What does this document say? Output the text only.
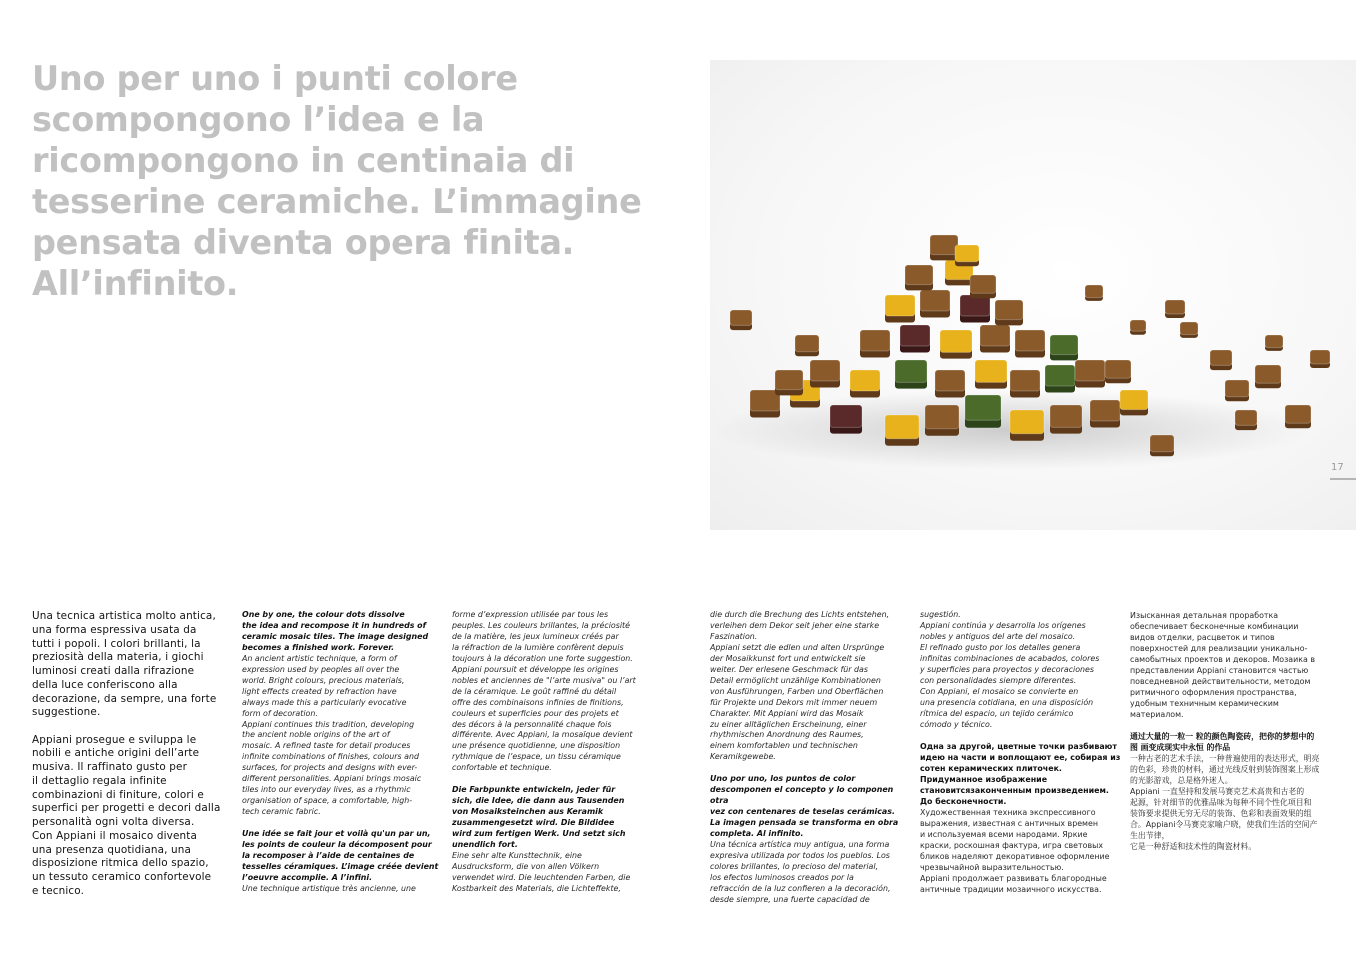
Uno per uno i punti colore
scompongono l’idea e la
ricompongono in centinaia di
tesserine ceramiche. L’immagine
pensata diventa opera finita.
All’infinito.
17

Una tecnica artistica molto antica,
una forma espressiva usata da
tutti i popoli. I colori brillanti, la
preziosità della materia, i giochi
luminosi creati dalla rifrazione
della luce conferiscono alla
decorazione, da sempre, una forte
suggestione.

Appiani prosegue e sviluppa le
nobili e antiche origini dell’arte
musiva. Il raffinato gusto per
il dettaglio regala infinite
combinazioni di finiture, colori e
superfici per progetti e decori dalla
personalità ogni volta diversa.
Con Appiani il mosaico diventa
una presenza quotidiana, una
disposizione ritmica dello spazio,
un tessuto ceramico confortevole
e tecnico.

One by one, the colour dots dissolve
the idea and recompose it in hundreds of
ceramic mosaic tiles. The image designed
becomes a finished work. Forever.

An ancient artistic technique, a form of
expression used by peoples all over the
world. Bright colours, precious materials,
light effects created by refraction have
always made this a particularly evocative
form of decoration.
Appiani continues this tradition, developing
the ancient noble origins of the art of
mosaic. A refined taste for detail produces
infinite combinations of finishes, colours and
surfaces, for projects and designs with ever-
different personalities. Appiani brings mosaic
tiles into our everyday lives, as a rhythmic
organisation of space, a comfortable, high-
tech ceramic fabric.

Une idée se fait jour et voilà qu'un par un,
les points de couleur la décomposent pour
la recomposer à l’aide de centaines de
tesselles céramiques. L’image créée devient
l’oeuvre accomplie. A l’infini.

Une technique artistique très ancienne, une

forme d’expression utilisée par tous les
peuples. Les couleurs brillantes, la préciosité
de la matière, les jeux lumineux créés par
la réfraction de la lumière confèrent depuis
toujours à la décoration une forte suggestion.
Appiani poursuit et développe les origines
nobles et anciennes de "l’arte musiva" ou l’art
de la céramique. Le goût raffiné du détail
offre des combinaisons infinies de finitions,
couleurs et superficies pour des projets et
des décors à la personnalité chaque fois
différente. Avec Appiani, la mosaïque devient
une présence quotidienne, une disposition
rythmique de l’espace, un tissu céramique
confortable et technique.

Die Farbpunkte entwickeln, jeder für
sich, die Idee, die dann aus Tausenden
von Mosaiksteinchen aus Keramik
zusammengesetzt wird. Die Bildidee
wird zum fertigen Werk. Und setzt sich
unendlich fort.

Eine sehr alte Kunsttechnik, eine
Ausdrucksform, die von allen Völkern
verwendet wird. Die leuchtenden Farben, die
Kostbarkeit des Materials, die Lichteffekte,

die durch die Brechung des Lichts entstehen,
verleihen dem Dekor seit jeher eine starke
Faszination.
Appiani setzt die edlen und alten Ursprünge
der Mosaikkunst fort und entwickelt sie
weiter. Der erlesene Geschmack für das
Detail ermöglicht unzählige Kombinationen
von Ausführungen, Farben und Oberflächen
für Projekte und Dekors mit immer neuem
Charakter. Mit Appiani wird das Mosaik
zu einer alltäglichen Erscheinung, einer
rhythmischen Anordnung des Raumes,
einem komfortablen und technischen
Keramikgewebe.

Uno por uno, los puntos de color
descomponen el concepto y lo componen otra
vez con centenares de teselas cerámicas.
La imagen pensada se transforma en obra
completa. Al infinito.

Una técnica artística muy antigua, una forma
expresiva utilizada por todos los pueblos. Los
colores brillantes, lo precioso del material,
los efectos luminosos creados por la
refracción de la luz confieren a la decoración,
desde siempre, una fuerte capacidad de

sugestión.
Appiani continúa y desarrolla los orígenes
nobles y antiguos del arte del mosaico.
El refinado gusto por los detalles genera
infinitas combinaciones de acabados, colores
y superficies para proyectos y decoraciones
con personalidades siempre diferentes.
Con Appiani, el mosaico se convierte en
una presencia cotidiana, en una disposición
rítmica del espacio, un tejido cerámico
cómodo y técnico.

Одна за другой, цветные точки разбивают
идею на части и воплощают ее, собирая из
сотен керамических плиточек.
Придуманное изображение
становитсязаконченным произведением.
До бесконечности.

Художественная техника экспрессивного
выражения, известная с античных времен
и используемая всеми народами. Яркие
краски, роскошная фактура, игра световых
бликов наделяют декоративное оформление
чрезвычайной выразительностью.
Appiani продолжает развивать благородные
античные традиции мозаичного искусства.

Изысканная детальная проработка
обеспечивает бесконечные комбинации
видов отделки, расцветок и типов
поверхностей для реализации уникально-
самобытных проектов и декоров. Мозаика в
представлении Appiani становится частью
повседневной действительности, методом
ритмичного оформления пространства,
удобным техничным керамическим
материалом.

通过大量的一粒一 粒的颜色陶瓷砖，把你的梦想中的
图 画变成现实中永恒 的作品

一种古老的艺术手法，一种普遍使用的表达形式，明亮
的色彩，珍贵的材料，通过光线反射到装饰图案上形成
的光影游戏，总是格外迷人。
Appiani 一直坚持和发展马赛克艺术高贵和古老的
起源，针对细节的优雅品味为每种不同个性化项目和
装饰要求提供无穷无尽的装饰、色彩和表面效果的组
合。Appiani令马赛克家喻户晓，使我们生活的空间产
生出节律，
它是一种舒适和技术性的陶瓷材料。
